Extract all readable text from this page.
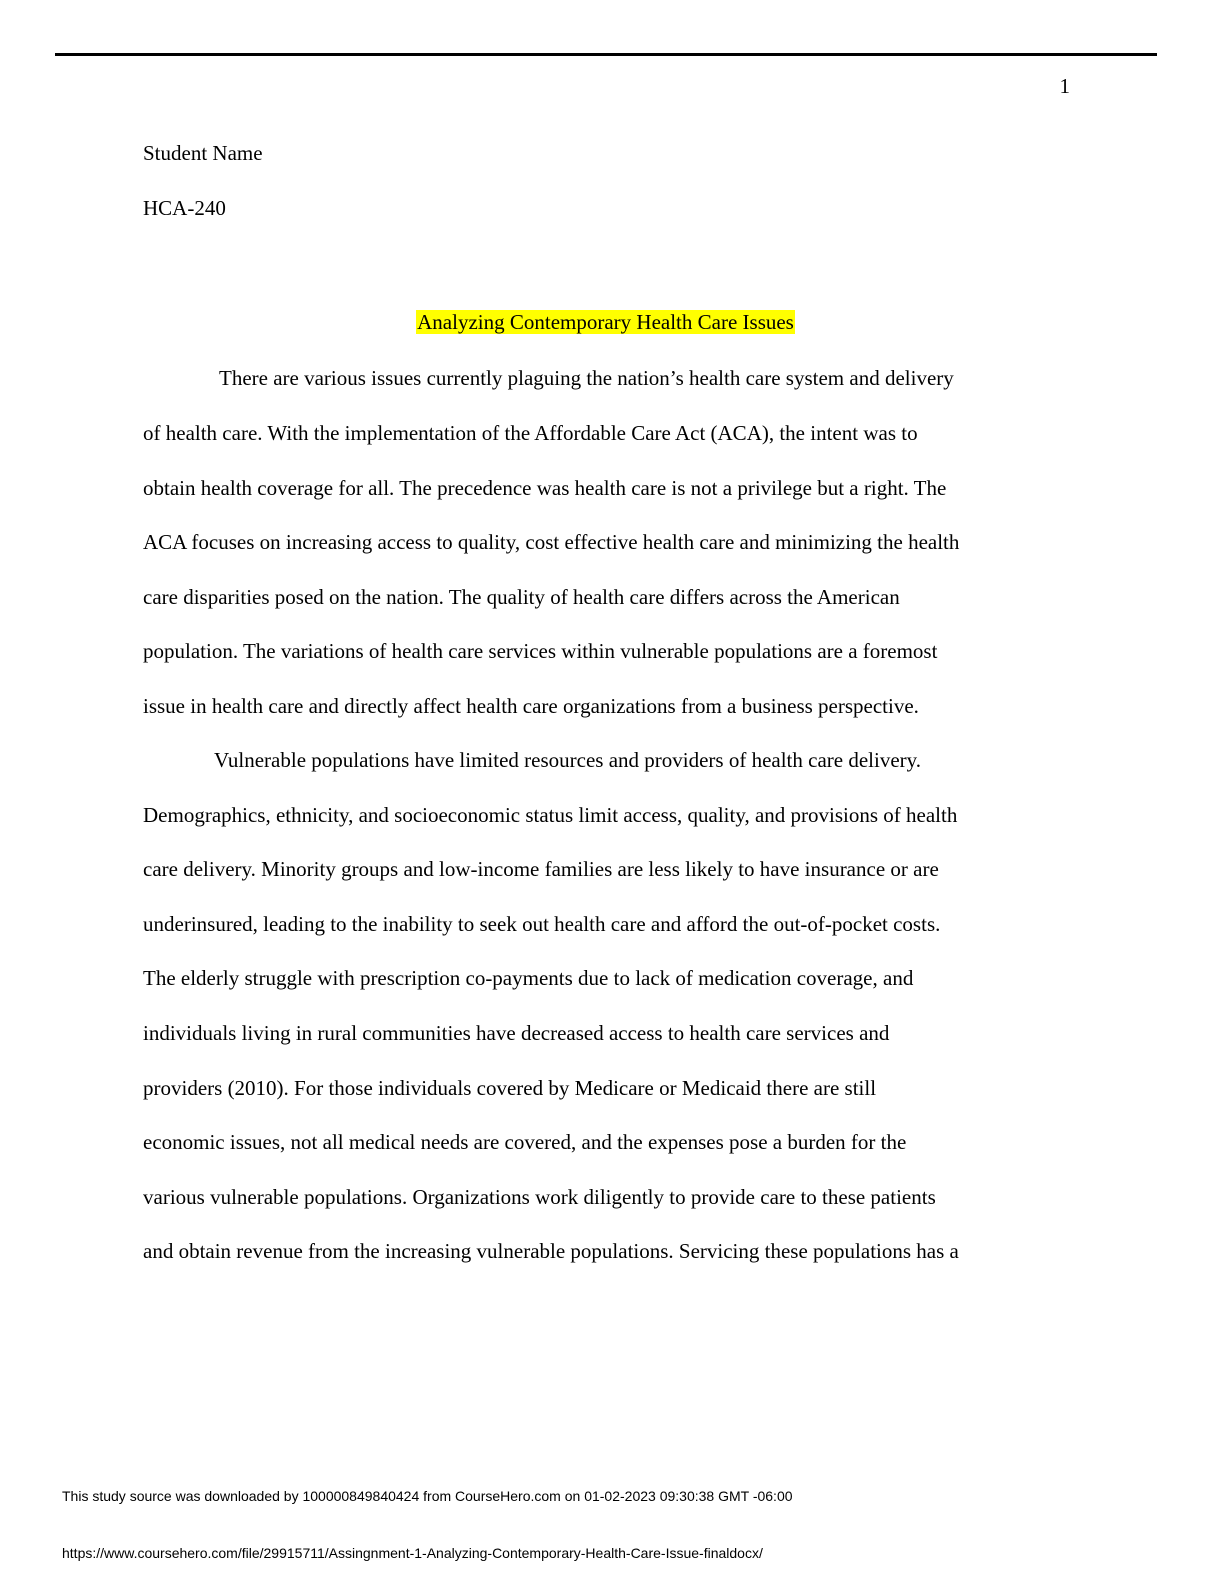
1
Student Name
HCA-240
Analyzing Contemporary Health Care Issues
There are various issues currently plaguing the nation’s health care system and delivery
of health care. With the implementation of the Affordable Care Act (ACA), the intent was to
obtain health coverage for all. The precedence was health care is not a privilege but a right. The
ACA focuses on increasing access to quality, cost effective health care and minimizing the health
care disparities posed on the nation. The quality of health care differs across the American
population. The variations of health care services within vulnerable populations are a foremost
issue in health care and directly affect health care organizations from a business perspective.
Vulnerable populations have limited resources and providers of health care delivery.
Demographics, ethnicity, and socioeconomic status limit access, quality, and provisions of health
care delivery. Minority groups and low-income families are less likely to have insurance or are
underinsured, leading to the inability to seek out health care and afford the out-of-pocket costs.
The elderly struggle with prescription co-payments due to lack of medication coverage, and
individuals living in rural communities have decreased access to health care services and
providers (2010). For those individuals covered by Medicare or Medicaid there are still
economic issues, not all medical needs are covered, and the expenses pose a burden for the
various vulnerable populations. Organizations work diligently to provide care to these patients
and obtain revenue from the increasing vulnerable populations. Servicing these populations has a
This study source was downloaded by 100000849840424 from CourseHero.com on 01-02-2023 09:30:38 GMT -06:00
https://www.coursehero.com/file/29915711/Assingnment-1-Analyzing-Contemporary-Health-Care-Issue-finaldocx/
